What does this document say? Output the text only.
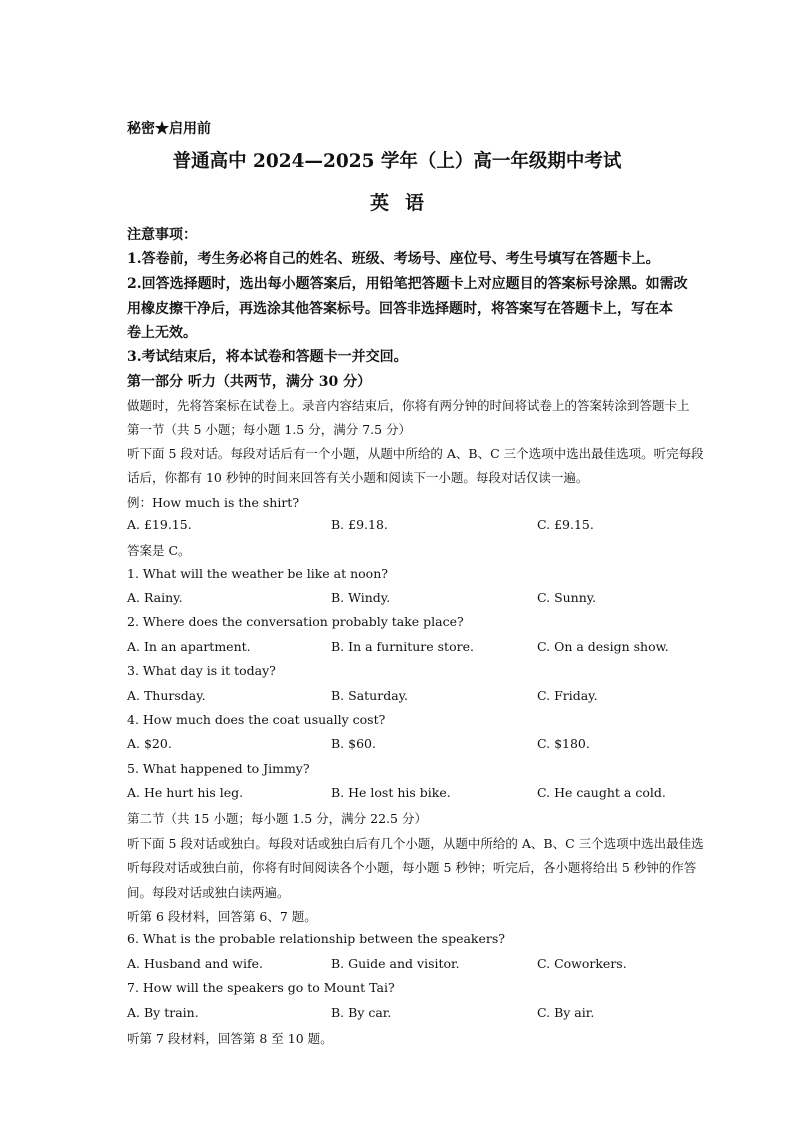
秘密★启用前
普通高中 2024—2025 学年（上）高一年级期中考试
英语
注意事项：
1.答卷前，考生务必将自己的姓名、班级、考场号、座位号、考生号填写在答题卡上。
2.回答选择题时，选出每小题答案后，用铅笔把答题卡上对应题目的答案标号涂黑。如需改
用橡皮擦干净后，再选涂其他答案标号。回答非选择题时，将答案写在答题卡上，写在本
卷上无效。
3.考试结束后，将本试卷和答题卡一并交回。
第一部分 听力（共两节，满分 30 分）
做题时，先将答案标在试卷上。录音内容结束后，你将有两分钟的时间将试卷上的答案转涂到答题卡上
第一节（共 5 小题；每小题 1.5 分，满分 7.5 分）
听下面 5 段对话。每段对话后有一个小题，从题中所给的 A、B、C 三个选项中选出最佳选项。听完每段
话后，你都有 10 秒钟的时间来回答有关小题和阅读下一小题。每段对话仅读一遍。
例：How much is the shirt?
A. £19.15.	B. £9.18.	C. £9.15.
答案是 C。
1. What will the weather be like at noon?
A. Rainy.	B. Windy.	C. Sunny.
2. Where does the conversation probably take place?
A. In an apartment.	B. In a furniture store.	C. On a design show.
3. What day is it today?
A. Thursday.	B. Saturday.	C. Friday.
4. How much does the coat usually cost?
A. $20.	B. $60.	C. $180.
5. What happened to Jimmy?
A. He hurt his leg.	B. He lost his bike.	C. He caught a cold.
第二节（共 15 小题；每小题 1.5 分，满分 22.5 分）
听下面 5 段对话或独白。每段对话或独白后有几个小题，从题中所给的 A、B、C 三个选项中选出最佳选
听每段对话或独白前，你将有时间阅读各个小题，每小题 5 秒钟；听完后，各小题将给出 5 秒钟的作答
间。每段对话或独白读两遍。
听第 6 段材料，回答第 6、7 题。
6. What is the probable relationship between the speakers?
A. Husband and wife.	B. Guide and visitor.	C. Coworkers.
7. How will the speakers go to Mount Tai?
A. By train.	B. By car.	C. By air.
听第 7 段材料，回答第 8 至 10 题。
